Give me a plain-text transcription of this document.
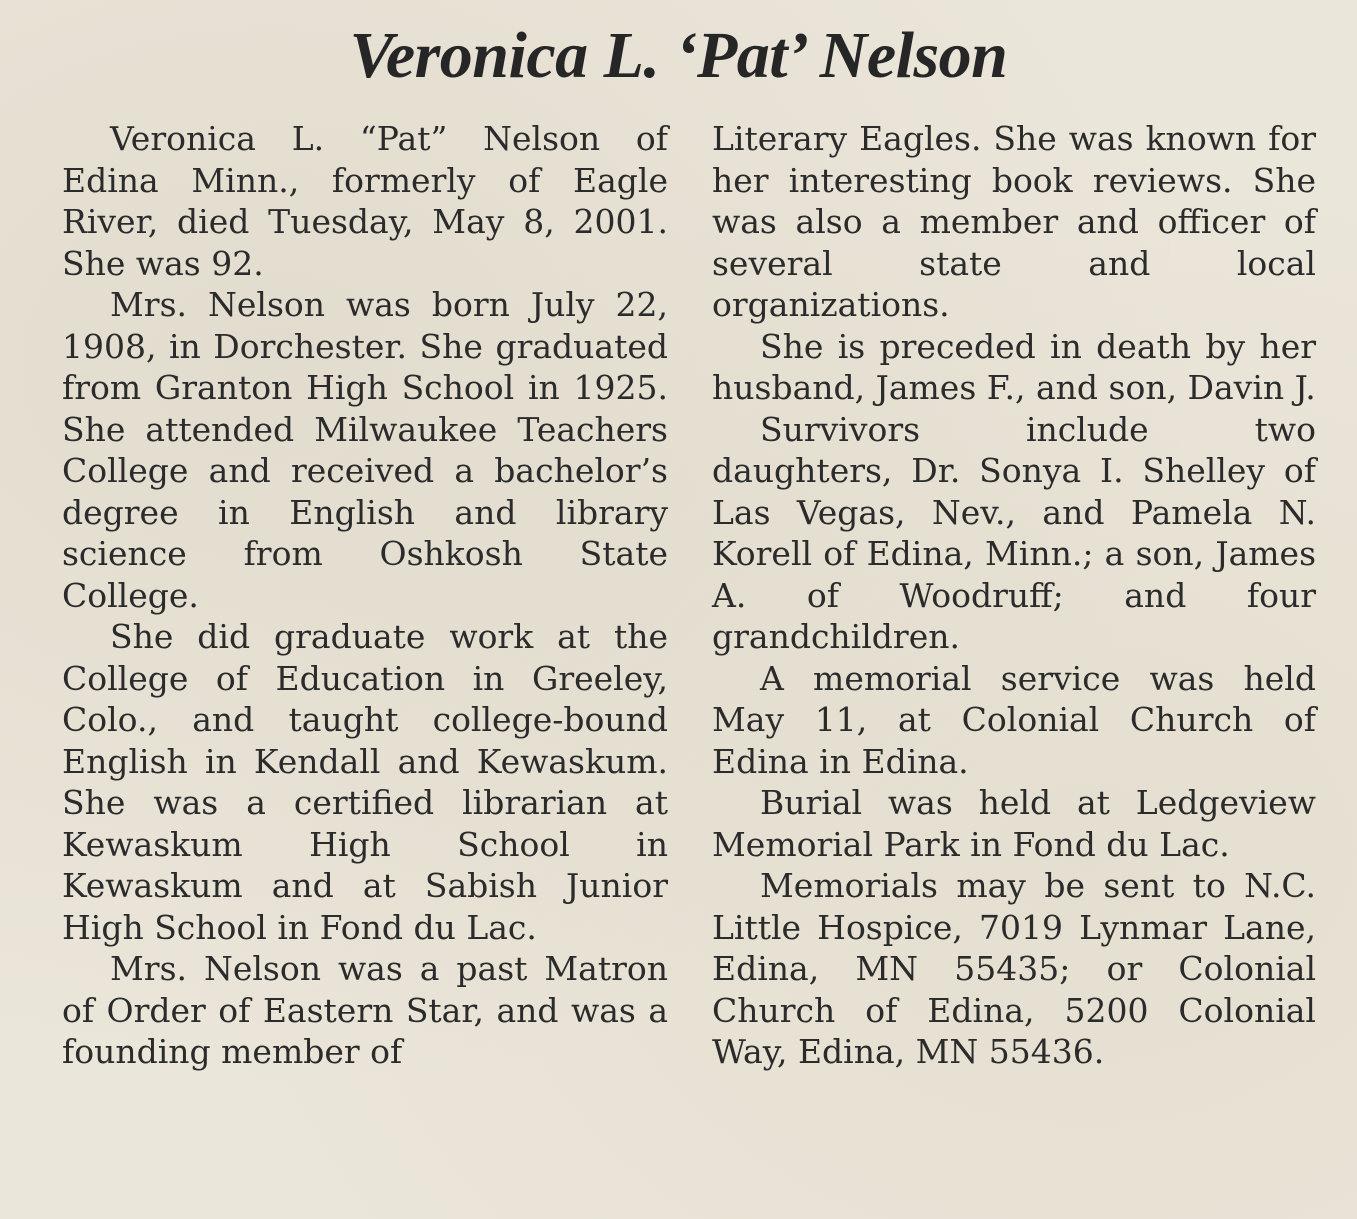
Veronica L. ‘Pat’ Nelson

Veronica L. “Pat” Nelson of Edina Minn., formerly of Eagle River, died Tuesday, May 8, 2001. She was 92.

Mrs. Nelson was born July 22, 1908, in Dorchester. She graduated from Granton High School in 1925. She attended Milwaukee Teachers College and received a bachelor’s degree in English and library science from Oshkosh State College.

She did graduate work at the College of Education in Greeley, Colo., and taught college-bound English in Kendall and Kewaskum. She was a certified librarian at Kewaskum High School in Kewaskum and at Sabish Junior High School in Fond du Lac.

Mrs. Nelson was a past Matron of Order of Eastern Star, and was a founding member of

Literary Eagles. She was known for her interesting book reviews. She was also a member and officer of several state and local organizations.

She is preceded in death by her husband, James F., and son, Davin J.

Survivors include two daughters, Dr. Sonya I. Shelley of Las Vegas, Nev., and Pamela N. Korell of Edina, Minn.; a son, James A. of Woodruff; and four grandchildren.

A memorial service was held May 11, at Colonial Church of Edina in Edina.

Burial was held at Ledgeview Memorial Park in Fond du Lac.

Memorials may be sent to N.C. Little Hospice, 7019 Lynmar Lane, Edina, MN 55435; or Colonial Church of Edina, 5200 Colonial Way, Edina, MN 55436.
